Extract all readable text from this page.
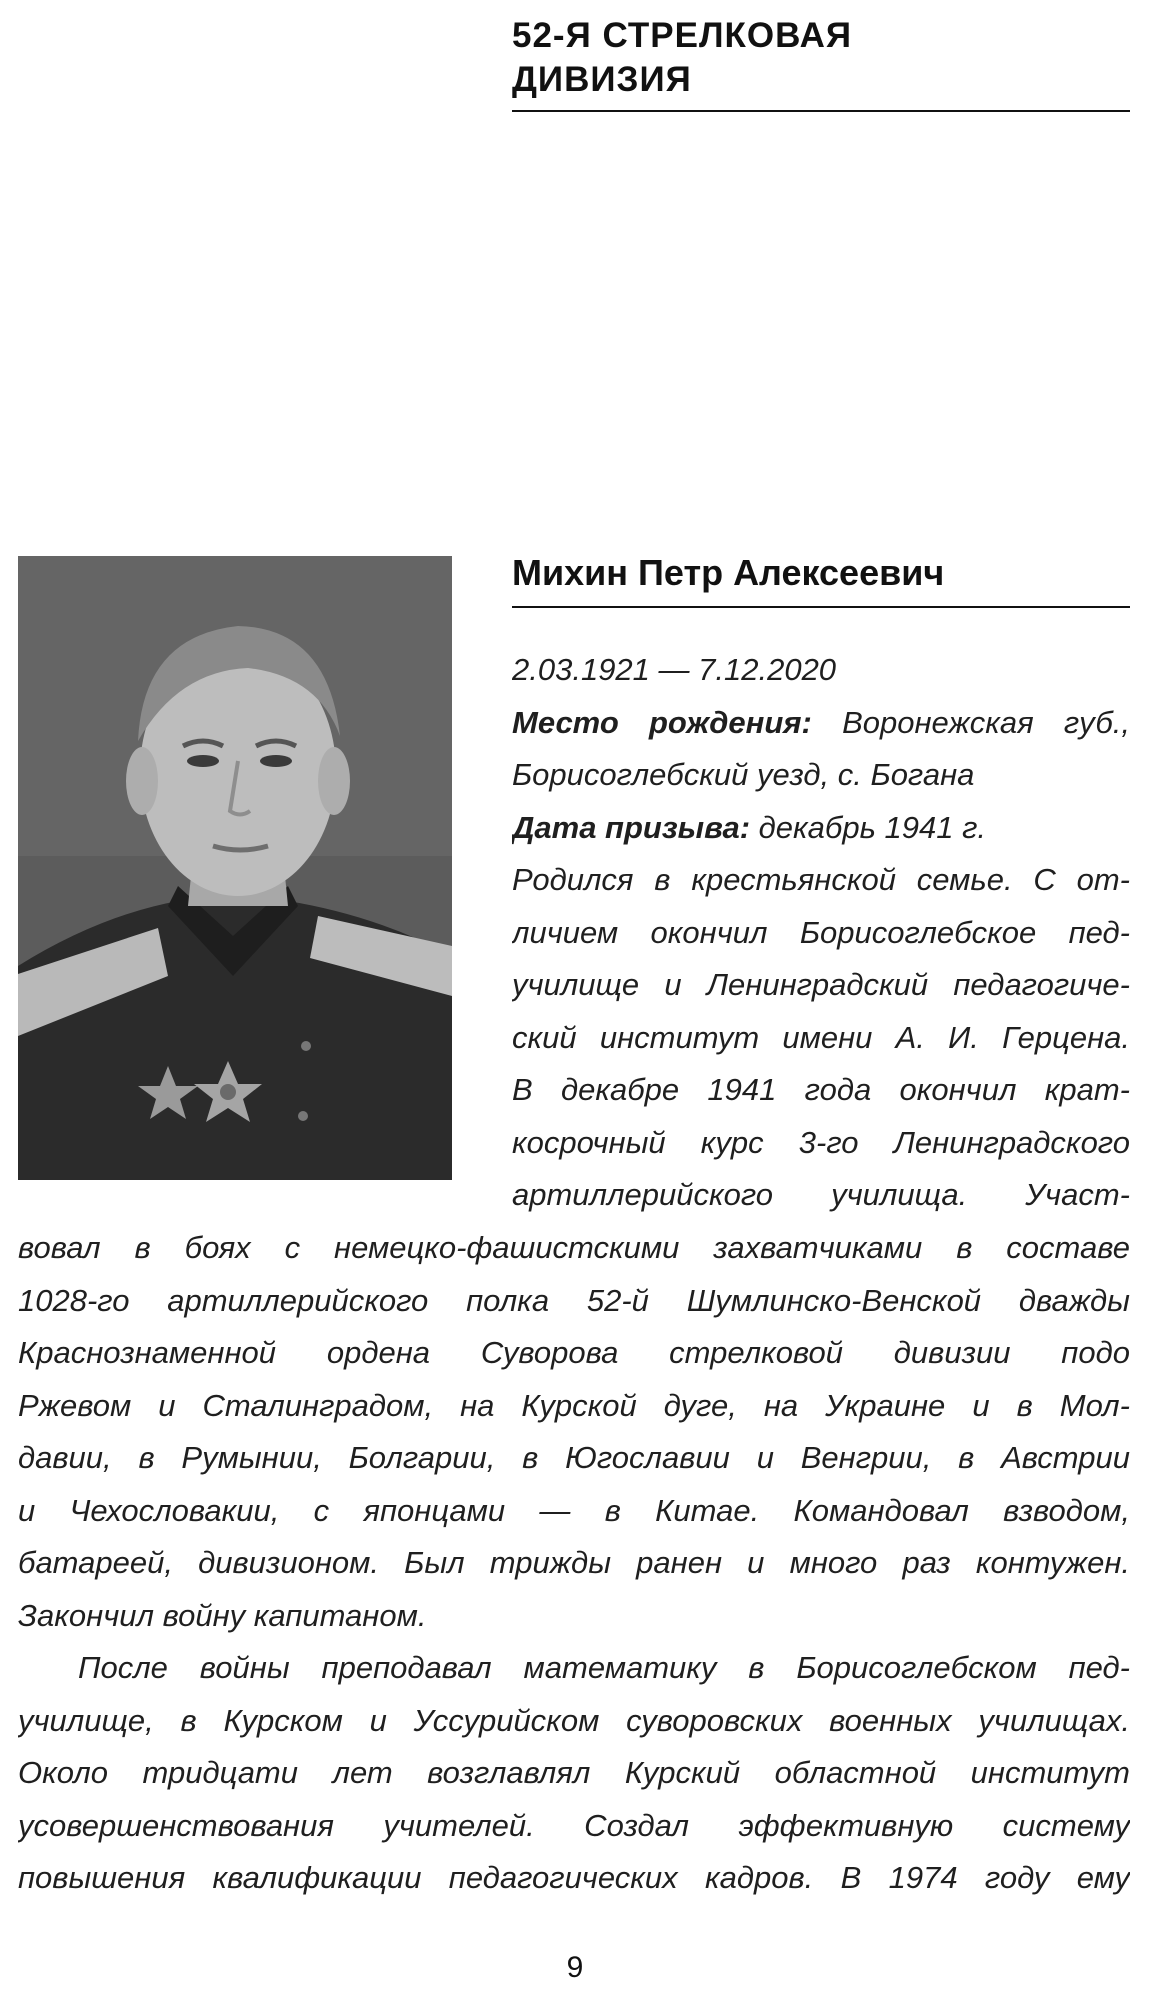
52-Я СТРЕЛКОВАЯ
ДИВИЗИЯ
Михин Петр Алексеевич
2.03.1921 — 7.12.2020
Место рождения: Воронежская губ.,
Борисоглебский уезд, с. Богана
Дата призыва: декабрь 1941 г.
Родился в крестьянской семье. С от-
личием окончил Борисоглебское пед-
училище и Ленинградский педагогиче-
ский институт имени А. И. Герцена.
В декабре 1941 года окончил крат-
косрочный курс 3-го Ленинградского
артиллерийского училища. Участ-
вовал в боях с немецко-фашистскими захватчиками в составе
1028-го артиллерийского полка 52-й Шумлинско-Венской дважды
Краснознаменной ордена Суворова стрелковой дивизии подо
Ржевом и Сталинградом, на Курской дуге, на Украине и в Мол-
давии, в Румынии, Болгарии, в Югославии и Венгрии, в Австрии
и Чехословакии, с японцами — в Китае. Командовал взводом,
батареей, дивизионом. Был трижды ранен и много раз контужен.
Закончил войну капитаном.
После войны преподавал математику в Борисоглебском пед-
училище, в Курском и Уссурийском суворовских военных училищах.
Около тридцати лет возглавлял Курский областной институт
усовершенствования учителей. Создал эффективную систему
повышения квалификации педагогических кадров. В 1974 году ему
9
